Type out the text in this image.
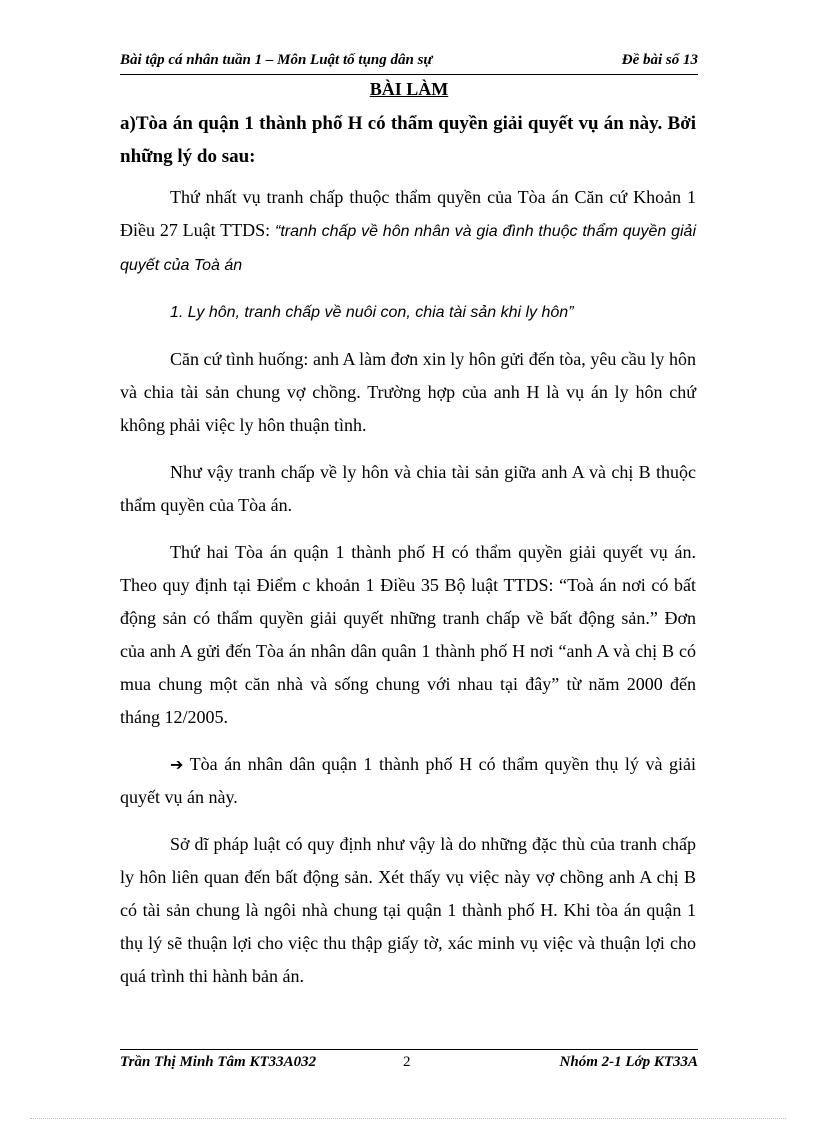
Bài tập cá nhân tuần 1 – Môn Luật tố tụng dân sự	Đề bài số 13
BÀI LÀM

a)Tòa án quận 1 thành phố H có thẩm quyền giải quyết vụ án này. Bởi những lý do sau:

Thứ nhất vụ tranh chấp thuộc thẩm quyền của Tòa án Căn cứ Khoản 1 Điều 27 Luật TTDS: “tranh chấp về hôn nhân và gia đình thuộc thẩm quyền giải quyết của Toà án

1. Ly hôn, tranh chấp về nuôi con, chia tài sản khi ly hôn”

Căn cứ tình huống: anh A làm đơn xin ly hôn gửi đến tòa, yêu cầu ly hôn và chia tài sản chung vợ chồng. Trường hợp của anh H là vụ án ly hôn chứ không phải việc ly hôn thuận tình.

Như vậy tranh chấp về ly hôn và chia tài sản giữa anh A và chị B thuộc thẩm quyền của Tòa án.

Thứ hai Tòa án quận 1 thành phố H có thẩm quyền giải quyết vụ án. Theo quy định tại Điểm c khoản 1 Điều 35 Bộ luật TTDS: “Toà án nơi có bất động sản có thẩm quyền giải quyết những tranh chấp về bất động sản.” Đơn của anh A gửi đến Tòa án nhân dân quân 1 thành phố H nơi “anh A và chị B có mua chung một căn nhà và sống chung với nhau tại đây” từ năm 2000 đến tháng 12/2005.

➔ Tòa án nhân dân quận 1 thành phố H có thẩm quyền thụ lý và giải quyết vụ án này.

Sở dĩ pháp luật có quy định như vậy là do những đặc thù của tranh chấp ly hôn liên quan đến bất động sản. Xét thấy vụ việc này vợ chồng anh A chị B có tài sản chung là ngôi nhà chung tại quận 1 thành phố H. Khi tòa án quận 1 thụ lý sẽ thuận lợi cho việc thu thập giấy tờ, xác minh vụ việc và thuận lợi cho quá trình thi hành bản án.

Trần Thị Minh Tâm KT33A032	2	Nhóm 2-1 Lớp KT33A
